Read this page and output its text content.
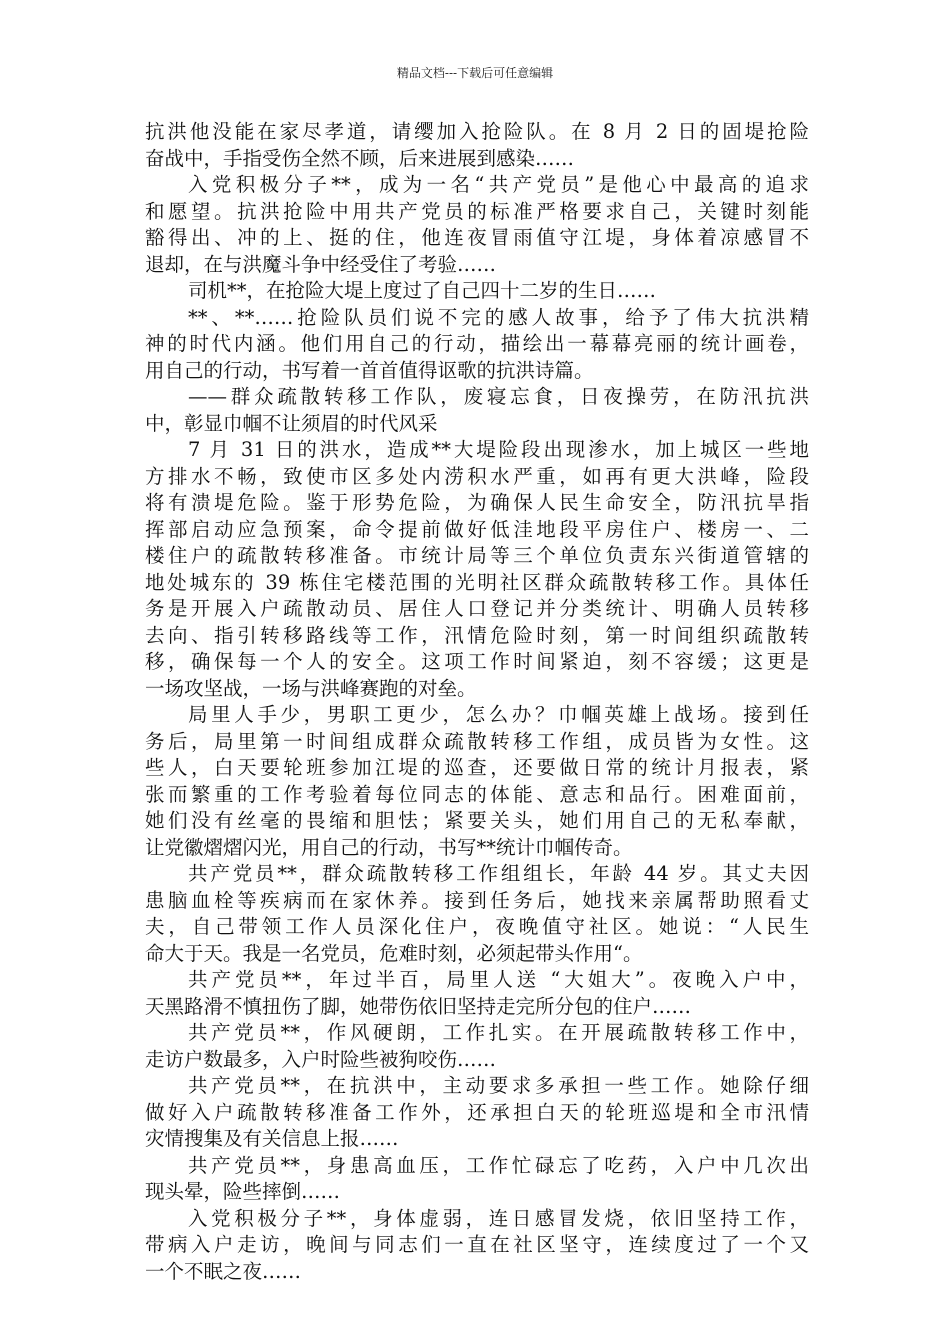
精品文档---下载后可任意编辑
抗洪他没能在家尽孝道，请缨加入抢险队。在 8 月 2 日的固堤抢险
奋战中，手指受伤全然不顾，后来进展到感染……
入党积极分子**，成为一名“共产党员”是他心中最高的追求
和愿望。抗洪抢险中用共产党员的标准严格要求自己，关键时刻能
豁得出、冲的上、挺的住，他连夜冒雨值守江堤，身体着凉感冒不
退却，在与洪魔斗争中经受住了考验……
司机**，在抢险大堤上度过了自己四十二岁的生日……
**、**……抢险队员们说不完的感人故事，给予了伟大抗洪精
神的时代内涵。他们用自己的行动，描绘出一幕幕亮丽的统计画卷，
用自己的行动，书写着一首首值得讴歌的抗洪诗篇。
——群众疏散转移工作队，废寝忘食，日夜操劳，在防汛抗洪
中，彰显巾帼不让须眉的时代风采
7 月 31 日的洪水，造成**大堤险段出现渗水，加上城区一些地
方排水不畅，致使市区多处内涝积水严重，如再有更大洪峰，险段
将有溃堤危险。鉴于形势危险，为确保人民生命安全，防汛抗旱指
挥部启动应急预案，命令提前做好低洼地段平房住户、楼房一、二
楼住户的疏散转移准备。市统计局等三个单位负责东兴街道管辖的
地处城东的 39 栋住宅楼范围的光明社区群众疏散转移工作。具体任
务是开展入户疏散动员、居住人口登记并分类统计、明确人员转移
去向、指引转移路线等工作，汛情危险时刻，第一时间组织疏散转
移，确保每一个人的安全。这项工作时间紧迫，刻不容缓；这更是
一场攻坚战，一场与洪峰赛跑的对垒。
局里人手少，男职工更少，怎么办？巾帼英雄上战场。接到任
务后，局里第一时间组成群众疏散转移工作组，成员皆为女性。这
些人，白天要轮班参加江堤的巡查，还要做日常的统计月报表，紧
张而繁重的工作考验着每位同志的体能、意志和品行。困难面前，
她们没有丝毫的畏缩和胆怯；紧要关头，她们用自己的无私奉献，
让党徽熠熠闪光，用自己的行动，书写**统计巾帼传奇。
共产党员**，群众疏散转移工作组组长，年龄 44 岁。其丈夫因
患脑血栓等疾病而在家休养。接到任务后，她找来亲属帮助照看丈
夫，自己带领工作人员深化住户，夜晚值守社区。她说：“人民生
命大于天。我是一名党员，危难时刻，必须起带头作用“。
共产党员**，年过半百，局里人送 “大姐大”。夜晚入户中，
天黑路滑不慎扭伤了脚，她带伤依旧坚持走完所分包的住户……
共产党员**，作风硬朗，工作扎实。在开展疏散转移工作中，
走访户数最多，入户时险些被狗咬伤……
共产党员**，在抗洪中，主动要求多承担一些工作。她除仔细
做好入户疏散转移准备工作外，还承担白天的轮班巡堤和全市汛情
灾情搜集及有关信息上报……
共产党员**，身患高血压，工作忙碌忘了吃药，入户中几次出
现头晕，险些摔倒……
入党积极分子**，身体虚弱，连日感冒发烧，依旧坚持工作，
带病入户走访，晚间与同志们一直在社区坚守，连续度过了一个又
一个不眠之夜……
